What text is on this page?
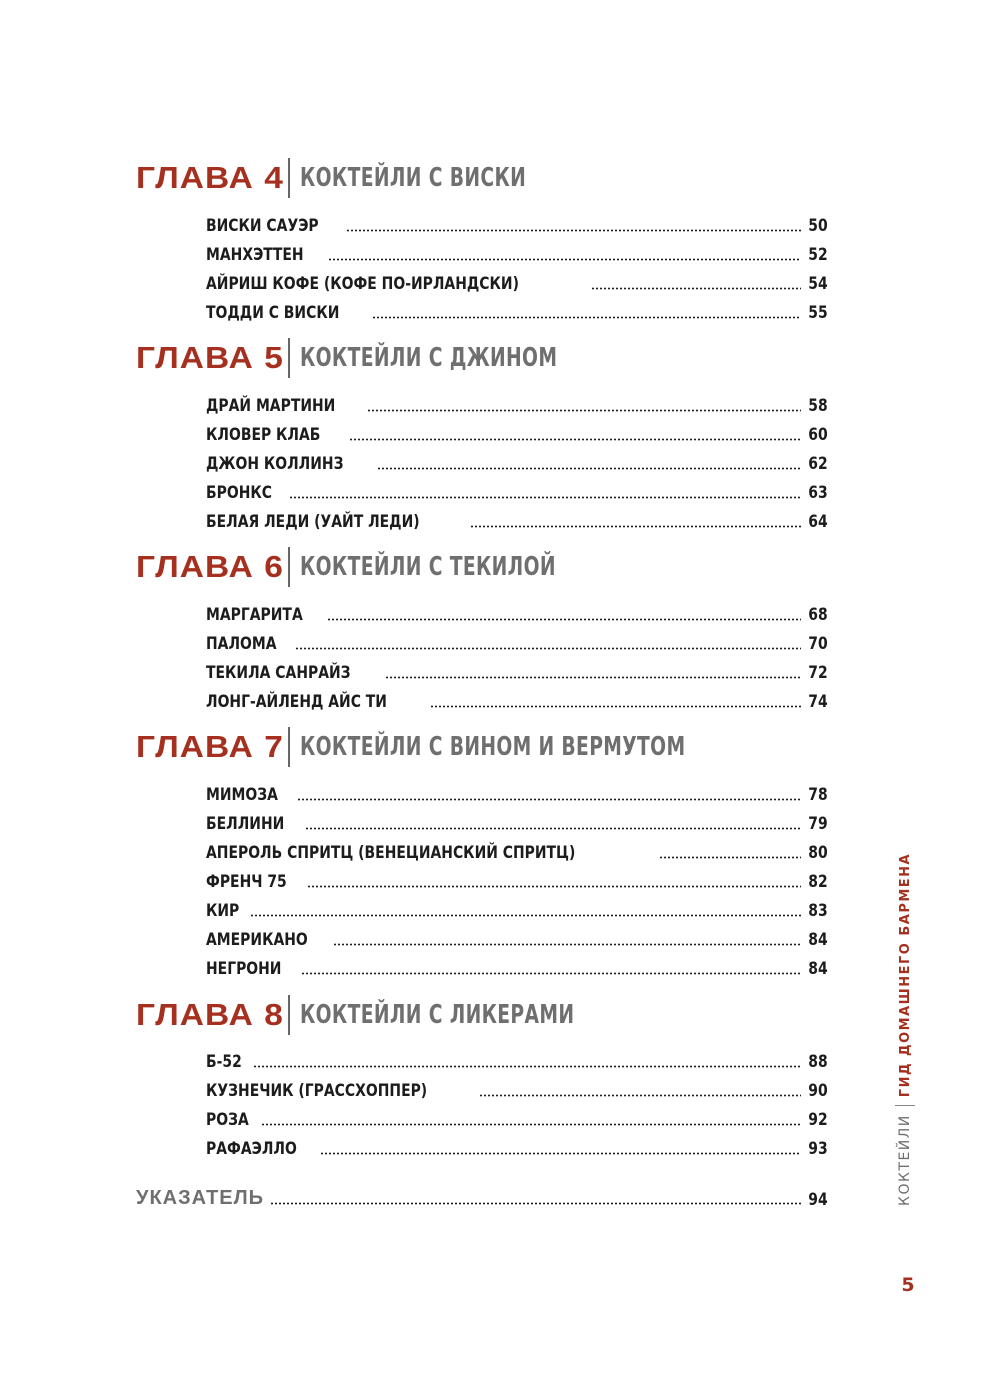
ГЛАВА 4 КОКТЕЙЛИ С ВИСКИ
ВИСКИ САУЭР	50
МАНХЭТТЕН	52
АЙРИШ КОФЕ (КОФЕ ПО-ИРЛАНДСКИ)	54
ТОДДИ С ВИСКИ	55
ГЛАВА 5 КОКТЕЙЛИ С ДЖИНОМ
ДРАЙ МАРТИНИ	58
КЛОВЕР КЛАБ	60
ДЖОН КОЛЛИНЗ	62
БРОНКС	63
БЕЛАЯ ЛЕДИ (УАЙТ ЛЕДИ)	64
ГЛАВА 6 КОКТЕЙЛИ С ТЕКИЛОЙ
МАРГАРИТА	68
ПАЛОМА	70
ТЕКИЛА САНРАЙЗ	72
ЛОНГ-АЙЛЕНД АЙС ТИ	74
ГЛАВА 7 КОКТЕЙЛИ С ВИНОМ И ВЕРМУТОМ
МИМОЗА	78
БЕЛЛИНИ	79
АПЕРОЛЬ СПРИТЦ (ВЕНЕЦИАНСКИЙ СПРИТЦ)	80
ФРЕНЧ 75	82
КИР	83
АМЕРИКАНО	84
НЕГРОНИ	84
ГЛАВА 8 КОКТЕЙЛИ С ЛИКЕРАМИ
Б-52	88
КУЗНЕЧИК (ГРАССХОППЕР)	90
РОЗА	92
РАФАЭЛЛО	93
УКАЗАТЕЛЬ	94	КОКТЕЙЛИ
ГИД ДОМАШНЕГО БАРМЕНА
5
